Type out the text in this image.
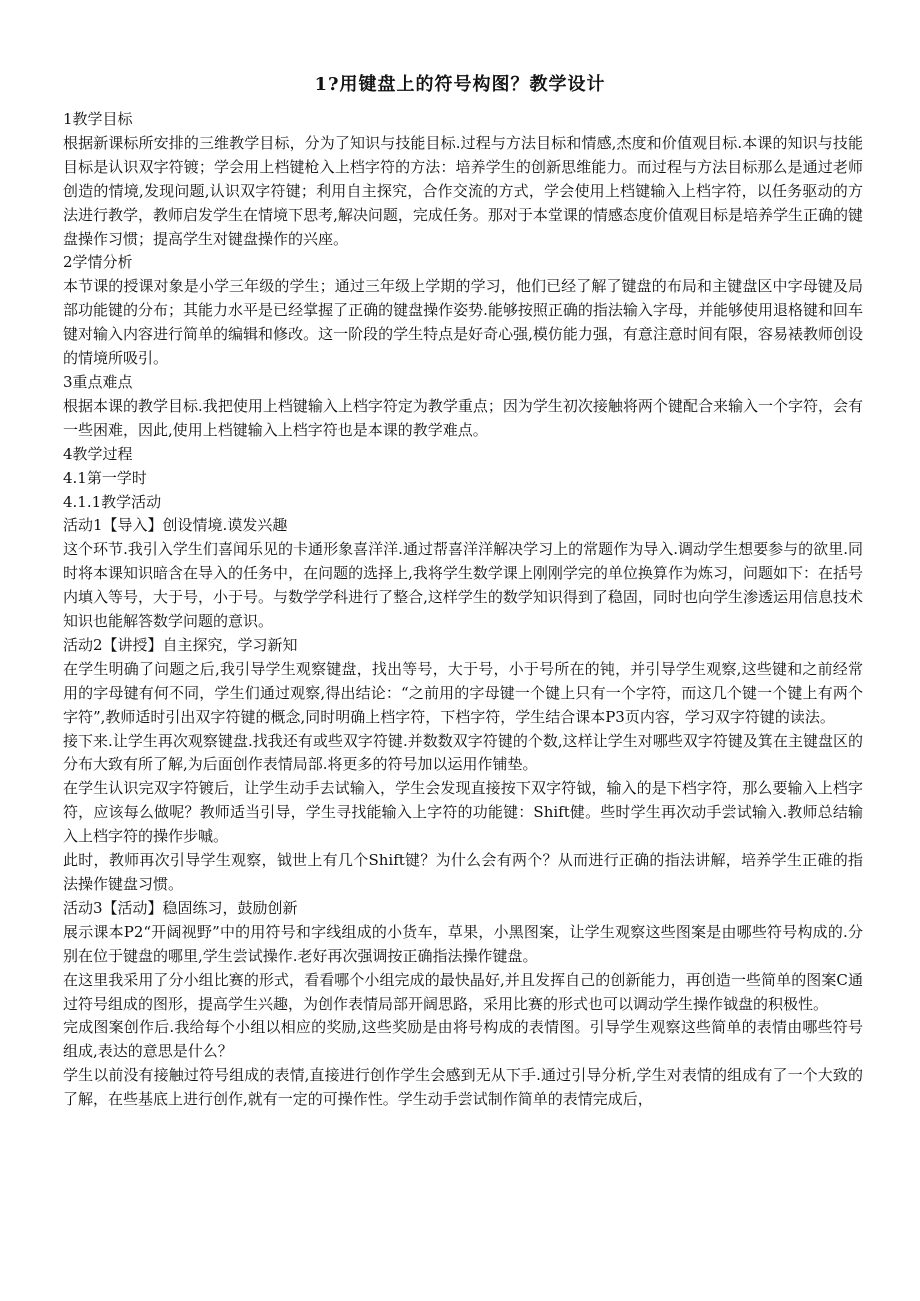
1?用键盘上的符号构图？教学设计

1教学目标

根据新课标所安排的三维教学目标，分为了知识与技能目标.过程与方法目标和情感,杰度和价值观目标.本课的知识与技能目标是认识双字符镀；学会用上档键枪入上档字符的方法：培养学生的创新思维能力。而过程与方法目标那么是通过老师创造的情境,发现问题,认识双字符键；利用自主探究，合作交流的方式，学会使用上档键输入上档字符，以任务驱动的方法进行教学，教师启发学生在情境下思考,解决问题，完成任务。那对于本堂课的情感态度价值观目标是培养学生正确的键盘操作习惯；提高学生对键盘操作的兴座。

2学情分析

本节课的授课对象是小学三年级的学生；通过三年级上学期的学习，他们已经了解了键盘的布局和主键盘区中字母键及局部功能键的分布；其能力水平是已经掌握了正确的键盘操作姿势.能够按照正确的指法输入字母，并能够使用退格键和回车键对输入内容进行简单的编辑和修改。这一阶段的学生特点是好奇心强,模仿能力强，有意注意时间有限，容易裱教师创设的情境所吸引。

3重点难点

根据本课的教学目标.我把使用上档键输入上档字符定为教学重点；因为学生初次接触将两个键配合来输入一个字符，会有一些困难，因此,使用上档键输入上档字符也是本课的教学难点。

4教学过程

4.1第一学时

4.1.1教学活动

活动1【导入】创设情境.谟发兴趣

这个环节.我引入学生们喜闻乐见的卡通形象喜洋洋.通过帮喜洋洋解决学习上的常题作为导入.调动学生想要参与的欲里.同时将本课知识暗含在导入的任务中，在问题的选择上,我将学生数学课上刚刚学完的单位换算作为炼习，问题如下：在括号内填入等号，大于号，小于号。与数学学科进行了整合,这样学生的数学知识得到了稳固，同时也向学生渗透运用信息技术知识也能解答数学问题的意识。

活动2【讲授】自主探究，学习新知

在学生明确了问题之后,我引导学生观察键盘，找出等号，大于号，小于号所在的钝，并引导学生观察,这些键和之前经常用的字母键有何不同，学生们通过观察,得出结论：“之前用的字母键一个键上只有一个字符，而这几个键一个键上有两个字符”,教师适时引出双字符键的概念,同时明确上档字符，下档字符，学生结合课本P3页内容，学习双字符键的读法。

接下来.让学生再次观察键盘.找我还有或些双字符键.并数数双字符键的个数,这样让学生对哪些双字符键及箕在主键盘区的分布大致有所了解,为后面创作表情局部.将更多的符号加以运用作铺垫。

在学生认识完双字符镀后，让学生动手去试输入，学生会发现直接按下双字符钺，输入的是下档字符，那么要输入上档字符，应该每么做呢？教师适当引导，学生寻找能输入上字符的功能键：Shift健。些时学生再次动手尝试输入.教师总结输入上档字符的操作步嘁。

此时，教师再次引导学生观察，钺世上有几个Shift键？为什么会有两个？从而进行正确的指法讲解，培养学生正碓的指法操作键盘习惯。

活动3【活动】稳固练习，鼓励创新

展示课本P2“开阔视野”中的用符号和字线组成的小货车，草果，小黑图案，让学生观察这些图案是由哪些符号构成的.分别在位于键盘的哪里,学生尝试操作.老好再次强调按正确指法操作键盘。

在这里我采用了分小组比赛的形式，看看哪个小组完成的最快晶好,并且发挥自己的创新能力，再创造一些简单的图案C通过符号组成的图形，提高学生兴趣，为创作表情局部开阔思路，采用比赛的形式也可以调动学生操作钺盘的积极性。

完成图案创作后.我给每个小组以相应的奖励,这些奖励是由将号构成的表情图。引导学生观察这些简单的表情由哪些符号组成,表达的意思是什么？

学生以前没有接触过符号组成的表情,直接进行创作学生会感到无从下手.通过引导分析,学生对表情的组成有了一个大致的了解，在些基底上进行创作,就有一定的可操作性。学生动手尝试制作简单的表情完成后，
